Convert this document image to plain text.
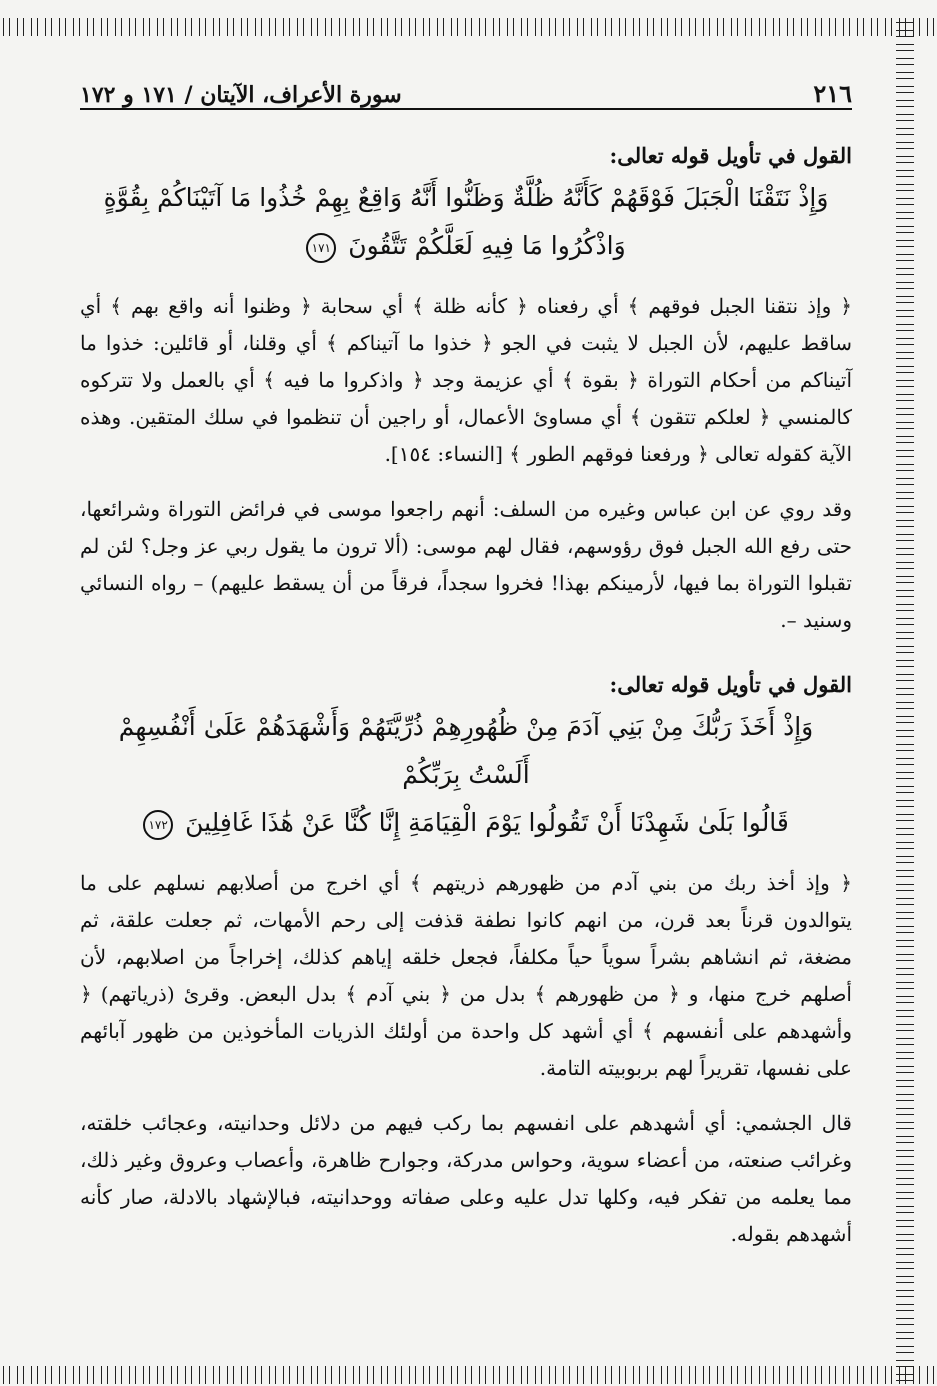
٢١٦
سورة الأعراف، الآيتان / ١٧١ و ١٧٢
القول في تأويل قوله تعالى:
وَإِذْ نَتَقْنَا الْجَبَلَ فَوْقَهُمْ كَأَنَّهُ ظُلَّةٌ وَظَنُّوا أَنَّهُ وَاقِعٌ بِهِمْ خُذُوا مَا آتَيْنَاكُمْ بِقُوَّةٍ
وَاذْكُرُوا مَا فِيهِ لَعَلَّكُمْ تَتَّقُونَ ١٧١
﴿ وإذ نتقنا الجبل فوقهم ﴾ أي رفعناه ﴿ كأنه ظلة ﴾ أي سحابة ﴿ وظنوا أنه واقع بهم ﴾ أي ساقط عليهم، لأن الجبل لا يثبت في الجو ﴿ خذوا ما آتيناكم ﴾ أي وقلنا، أو قائلين: خذوا ما آتيناكم من أحكام التوراة ﴿ بقوة ﴾ أي عزيمة وجد ﴿ واذكروا ما فيه ﴾ أي بالعمل ولا تتركوه كالمنسي ﴿ لعلكم تتقون ﴾ أي مساوئ الأعمال، أو راجين أن تنظموا في سلك المتقين. وهذه الآية كقوله تعالى ﴿ ورفعنا فوقهم الطور ﴾ [النساء: ١٥٤].
وقد روي عن ابن عباس وغيره من السلف: أنهم راجعوا موسى في فرائض التوراة وشرائعها، حتى رفع الله الجبل فوق رؤوسهم، فقال لهم موسى: (ألا ترون ما يقول ربي عز وجل؟ لئن لم تقبلوا التوراة بما فيها، لأرمينكم بهذا! فخروا سجداً، فرقاً من أن يسقط عليهم) – رواه النسائي وسنيد –.
القول في تأويل قوله تعالى:
وَإِذْ أَخَذَ رَبُّكَ مِنْ بَنِي آدَمَ مِنْ ظُهُورِهِمْ ذُرِّيَّتَهُمْ وَأَشْهَدَهُمْ عَلَىٰ أَنْفُسِهِمْ أَلَسْتُ بِرَبِّكُمْ
قَالُوا بَلَىٰ شَهِدْنَا أَنْ تَقُولُوا يَوْمَ الْقِيَامَةِ إِنَّا كُنَّا عَنْ هَٰذَا غَافِلِينَ ١٧٢
﴿ وإذ أخذ ربك من بني آدم من ظهورهم ذريتهم ﴾ أي اخرج من أصلابهم نسلهم على ما يتوالدون قرناً بعد قرن، من انهم كانوا نطفة قذفت إلى رحم الأمهات، ثم جعلت علقة، ثم مضغة، ثم انشاهم بشراً سوياً حياً مكلفاً، فجعل خلقه إياهم كذلك، إخراجاً من اصلابهم، لأن أصلهم خرج منها، و ﴿ من ظهورهم ﴾ بدل من ﴿ بني آدم ﴾ بدل البعض. وقرئ (ذرياتهم) ﴿ وأشهدهم على أنفسهم ﴾ أي أشهد كل واحدة من أولئك الذريات المأخوذين من ظهور آبائهم على نفسها، تقريراً لهم بربوبيته التامة.
قال الجشمي: أي أشهدهم على انفسهم بما ركب فيهم من دلائل وحدانيته، وعجائب خلقته، وغرائب صنعته، من أعضاء سوية، وحواس مدركة، وجوارح ظاهرة، وأعصاب وعروق وغير ذلك، مما يعلمه من تفكر فيه، وكلها تدل عليه وعلى صفاته ووحدانيته، فبالإشهاد بالادلة، صار كأنه أشهدهم بقوله.
